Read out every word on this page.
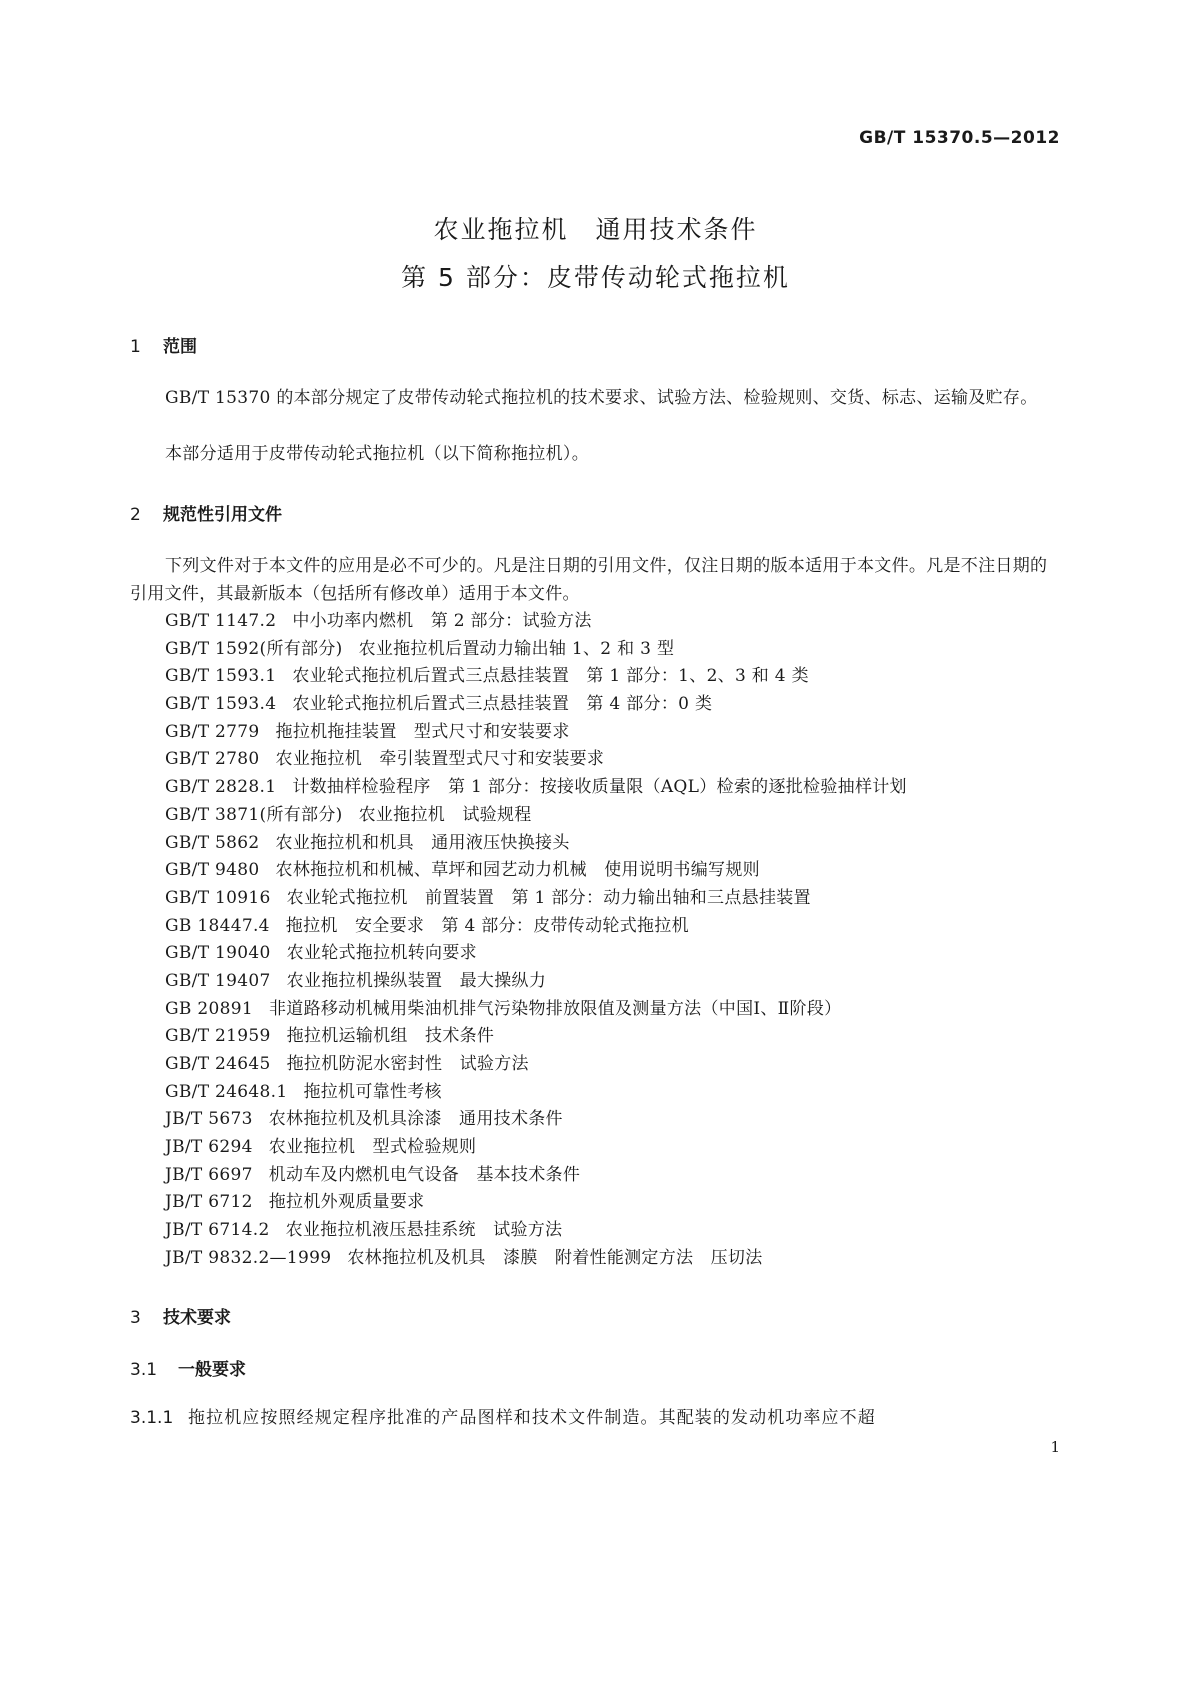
GB/T 15370.5—2012
农业拖拉机　通用技术条件
第 5 部分：皮带传动轮式拖拉机
1 范围
GB/T 15370 的本部分规定了皮带传动轮式拖拉机的技术要求、试验方法、检验规则、交货、标志、运输及贮存。
本部分适用于皮带传动轮式拖拉机（以下简称拖拉机）。
2 规范性引用文件
下列文件对于本文件的应用是必不可少的。凡是注日期的引用文件，仅注日期的版本适用于本文件。凡是不注日期的引用文件，其最新版本（包括所有修改单）适用于本文件。
GB/T 1147.2 中小功率内燃机　第 2 部分：试验方法
GB/T 1592(所有部分) 农业拖拉机后置动力输出轴 1、2 和 3 型
GB/T 1593.1 农业轮式拖拉机后置式三点悬挂装置　第 1 部分：1、2、3 和 4 类
GB/T 1593.4 农业轮式拖拉机后置式三点悬挂装置　第 4 部分：0 类
GB/T 2779 拖拉机拖挂装置　型式尺寸和安装要求
GB/T 2780 农业拖拉机　牵引装置型式尺寸和安装要求
GB/T 2828.1 计数抽样检验程序　第 1 部分：按接收质量限（AQL）检索的逐批检验抽样计划
GB/T 3871(所有部分) 农业拖拉机　试验规程
GB/T 5862 农业拖拉机和机具　通用液压快换接头
GB/T 9480 农林拖拉机和机械、草坪和园艺动力机械　使用说明书编写规则
GB/T 10916 农业轮式拖拉机　前置装置　第 1 部分：动力输出轴和三点悬挂装置
GB 18447.4 拖拉机　安全要求　第 4 部分：皮带传动轮式拖拉机
GB/T 19040 农业轮式拖拉机转向要求
GB/T 19407 农业拖拉机操纵装置　最大操纵力
GB 20891 非道路移动机械用柴油机排气污染物排放限值及测量方法（中国Ⅰ、Ⅱ阶段）
GB/T 21959 拖拉机运输机组　技术条件
GB/T 24645 拖拉机防泥水密封性　试验方法
GB/T 24648.1 拖拉机可靠性考核
JB/T 5673 农林拖拉机及机具涂漆　通用技术条件
JB/T 6294 农业拖拉机　型式检验规则
JB/T 6697 机动车及内燃机电气设备　基本技术条件
JB/T 6712 拖拉机外观质量要求
JB/T 6714.2 农业拖拉机液压悬挂系统　试验方法
JB/T 9832.2—1999 农林拖拉机及机具　漆膜　附着性能测定方法　压切法
3 技术要求
3.1 一般要求
3.1.1 拖拉机应按照经规定程序批准的产品图样和技术文件制造。其配装的发动机功率应不超
1
